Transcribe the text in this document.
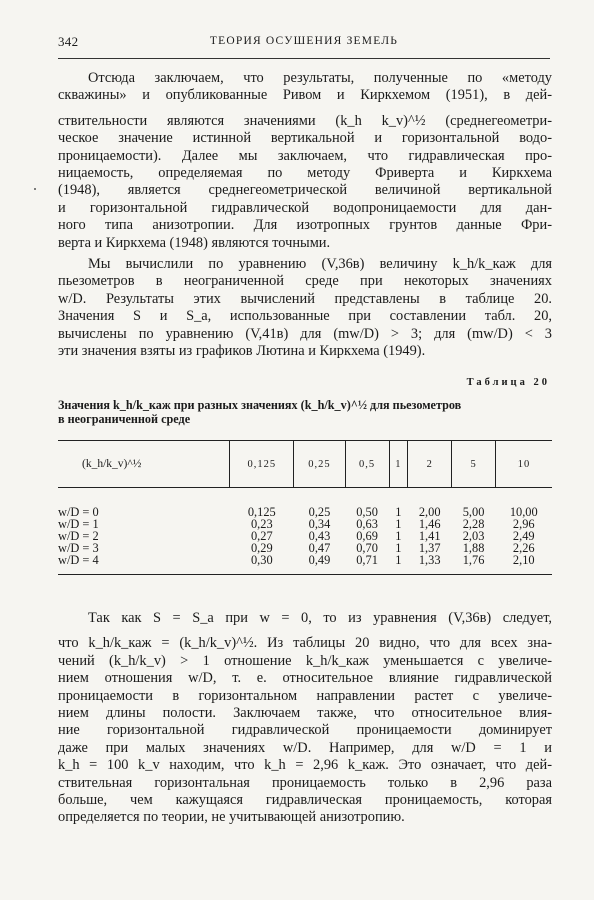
342	ТЕОРИЯ ОСУШЕНИЯ ЗЕМЕЛЬ
Отсюда заключаем, что результаты, полученные по «методу
скважины» и опубликованные Ривом и Киркхемом (1951), в дей-
ствительности являются значениями (k_h k_v)^½ (среднегеометри-
ческое значение истинной вертикальной и горизонтальной водо-
проницаемости). Далее мы заключаем, что гидравлическая про-
ницаемость, определяемая по методу Фриверта и Киркхема
(1948), является среднегеометрической величиной вертикальной
и горизонтальной гидравлической водопроницаемости для дан-
ного типа анизотропии. Для изотропных грунтов данные Фри-
верта и Киркхема (1948) являются точными.
Мы вычислили по уравнению (V,36в) величину k_h/k_каж для
пьезометров в неограниченной среде при некоторых значениях
w/D. Результаты этих вычислений представлены в таблице 20.
Значения S и S_a, использованные при составлении табл. 20,
вычислены по уравнению (V,41в) для (mw/D) > 3; для (mw/D) < 3
эти значения взяты из графиков Лютина и Киркхема (1949).
Таблица 20
Значения k_h/k_каж при разных значениях (k_h/k_v)^½ для пьезометров
в неограниченной среде
(k_h/k_v)^½	0,125	0,25	0,5	1	2	5	10
w/D = 0	0,125	0,25	0,50	1	2,00	5,00	10,00
w/D = 1	0,23	0,34	0,63	1	1,46	2,28	2,96
w/D = 2	0,27	0,43	0,69	1	1,41	2,03	2,49
w/D = 3	0,29	0,47	0,70	1	1,37	1,88	2,26
w/D = 4	0,30	0,49	0,71	1	1,33	1,76	2,10
Так как S = S_a при w = 0, то из уравнения (V,36в) следует,
что k_h/k_каж = (k_h/k_v)^½. Из таблицы 20 видно, что для всех зна-
чений (k_h/k_v) > 1 отношение k_h/k_каж уменьшается с увеличе-
нием отношения w/D, т. е. относительное влияние гидравлической
проницаемости в горизонтальном направлении растет с увеличе-
нием длины полости. Заключаем также, что относительное влия-
ние горизонтальной гидравлической проницаемости доминирует
даже при малых значениях w/D. Например, для w/D = 1 и
k_h = 100 k_v находим, что k_h = 2,96 k_каж. Это означает, что дей-
ствительная горизонтальная проницаемость только в 2,96 раза
больше, чем кажущаяся гидравлическая проницаемость, которая
определяется по теории, не учитывающей анизотропию.
